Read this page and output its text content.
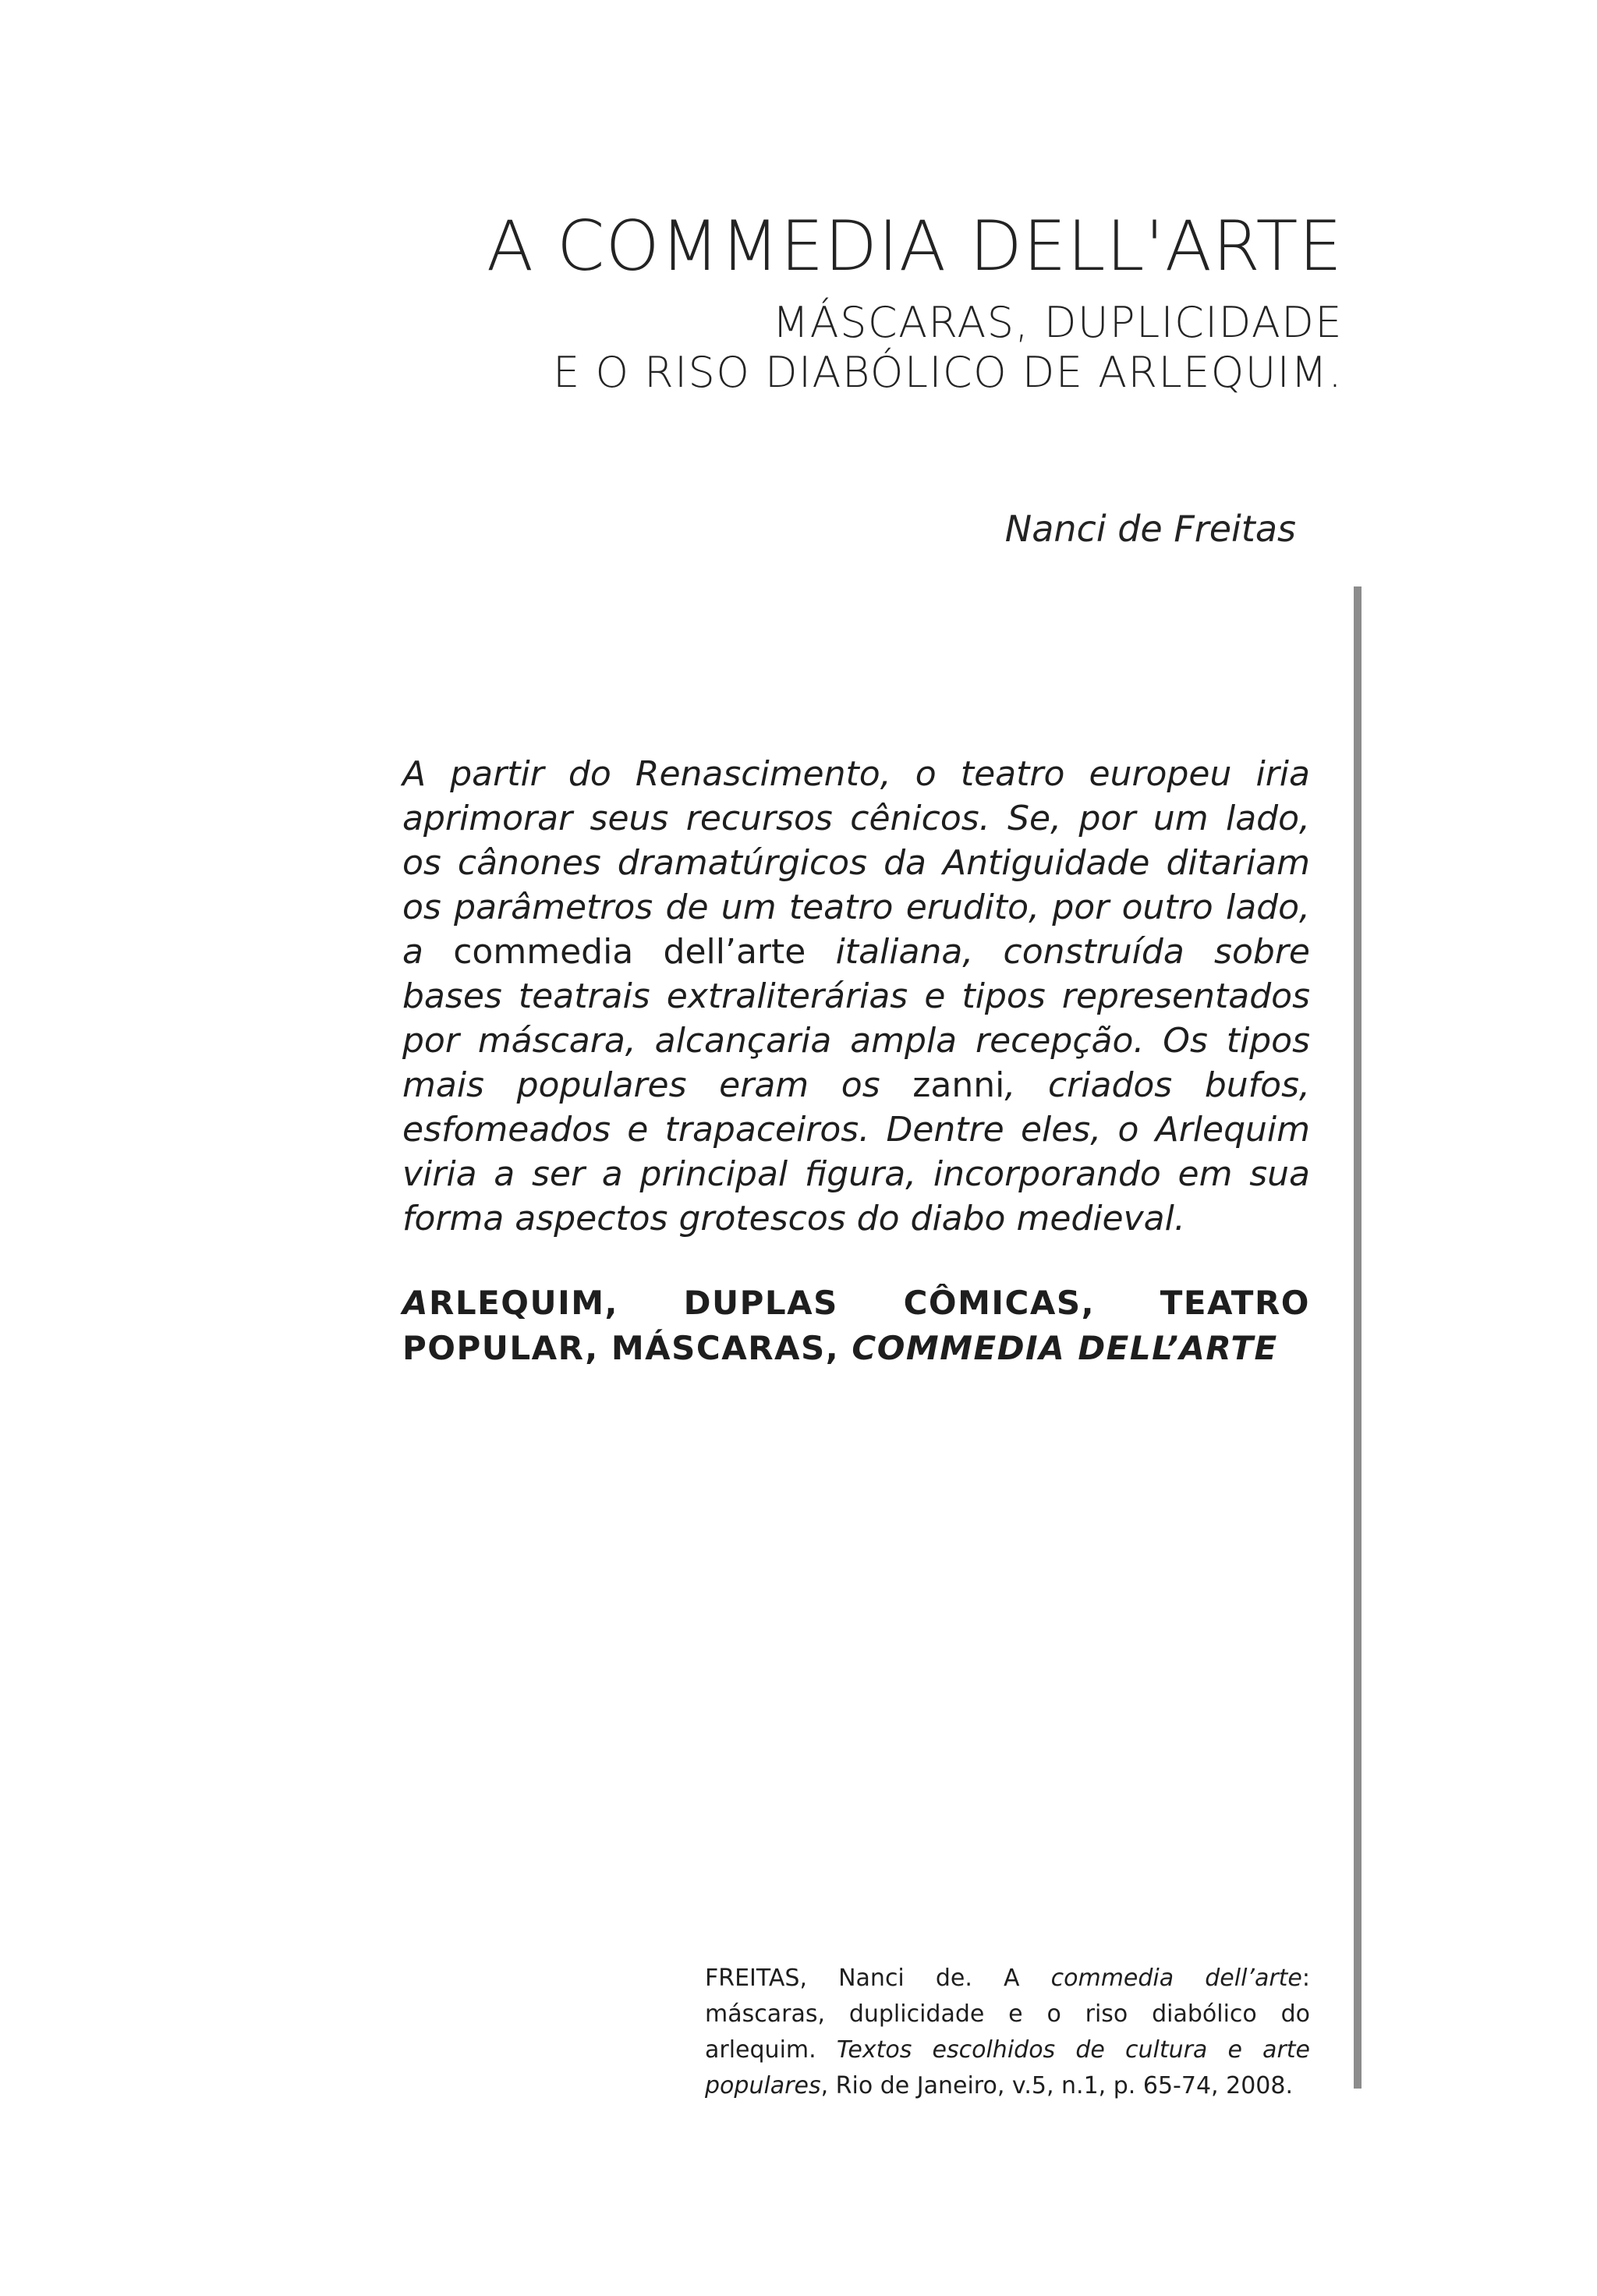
A COMMEDIA DELL'ARTE
MÁSCARAS, DUPLICIDADE
E O RISO DIABÓLICO DE ARLEQUIM.
Nanci de Freitas

A partir do Renascimento, o teatro europeu iria aprimorar seus recursos cênicos. Se, por um lado, os cânones dramatúrgicos da Antiguidade ditariam os parâmetros de um teatro erudito, por outro lado, a commedia dell’arte italiana, construída sobre bases teatrais extraliterárias e tipos representados por máscara, alcançaria ampla recepção. Os tipos mais populares eram os zanni, criados bufos, esfomeados e trapaceiros. Dentre eles, o Arlequim viria a ser a principal figura, incorporando em sua forma aspectos grotescos do diabo medieval.

ARLEQUIM, DUPLAS CÔMICAS, TEATRO POPULAR, MÁSCARAS, COMMEDIA DELL’ARTE

FREITAS, Nanci de. A commedia dell’arte: máscaras, duplicidade e o riso diabólico do arlequim. Textos escolhidos de cultura e arte populares, Rio de Janeiro, v.5, n.1, p. 65-74, 2008.
